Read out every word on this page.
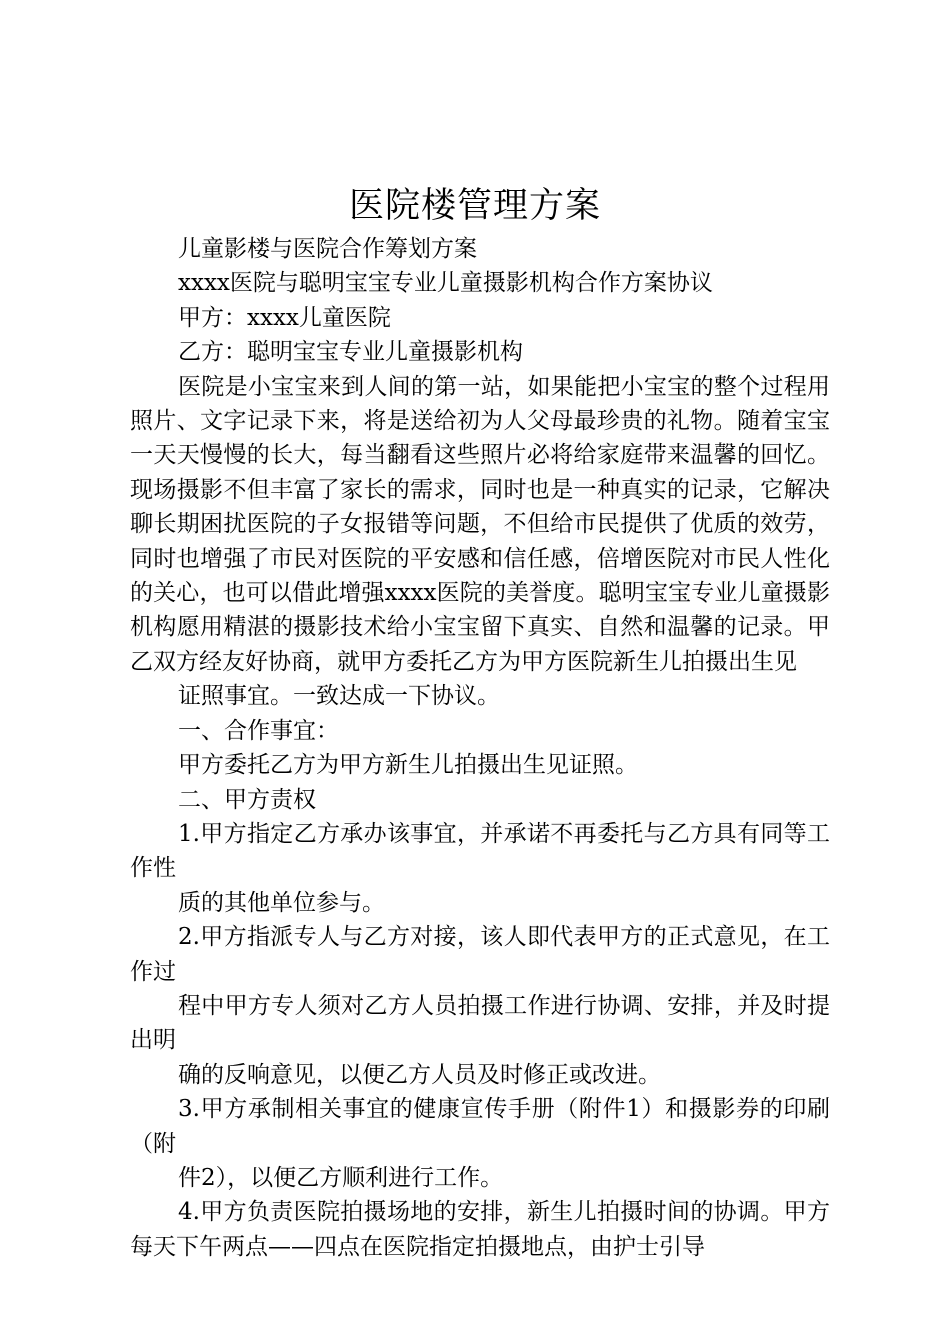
医院楼管理方案

儿童影楼与医院合作筹划方案

xxxx医院与聪明宝宝专业儿童摄影机构合作方案协议

甲方：xxxx儿童医院

乙方：聪明宝宝专业儿童摄影机构

医院是小宝宝来到人间的第一站，如果能把小宝宝的整个过程用照片、文字记录下来，将是送给初为人父母最珍贵的礼物。随着宝宝一天天慢慢的长大，每当翻看这些照片必将给家庭带来温馨的回忆。现场摄影不但丰富了家长的需求，同时也是一种真实的记录，它解决聊长期困扰医院的子女报错等问题，不但给市民提供了优质的效劳，同时也增强了市民对医院的平安感和信任感，倍增医院对市民人性化的关心，也可以借此增强xxxx医院的美誉度。聪明宝宝专业儿童摄影机构愿用精湛的摄影技术给小宝宝留下真实、自然和温馨的记录。甲乙双方经友好协商，就甲方委托乙方为甲方医院新生儿拍摄出生见

证照事宜。一致达成一下协议。

一、合作事宜：

甲方委托乙方为甲方新生儿拍摄出生见证照。

二、甲方责权

1.甲方指定乙方承办该事宜，并承诺不再委托与乙方具有同等工作性

质的其他单位参与。

2.甲方指派专人与乙方对接，该人即代表甲方的正式意见，在工作过

程中甲方专人须对乙方人员拍摄工作进行协调、安排，并及时提出明

确的反响意见，以便乙方人员及时修正或改进。

3.甲方承制相关事宜的健康宣传手册（附件1）和摄影券的印刷（附

件2），以便乙方顺利进行工作。

4.甲方负责医院拍摄场地的安排，新生儿拍摄时间的协调。甲方每天下午两点——四点在医院指定拍摄地点，由护士引导
